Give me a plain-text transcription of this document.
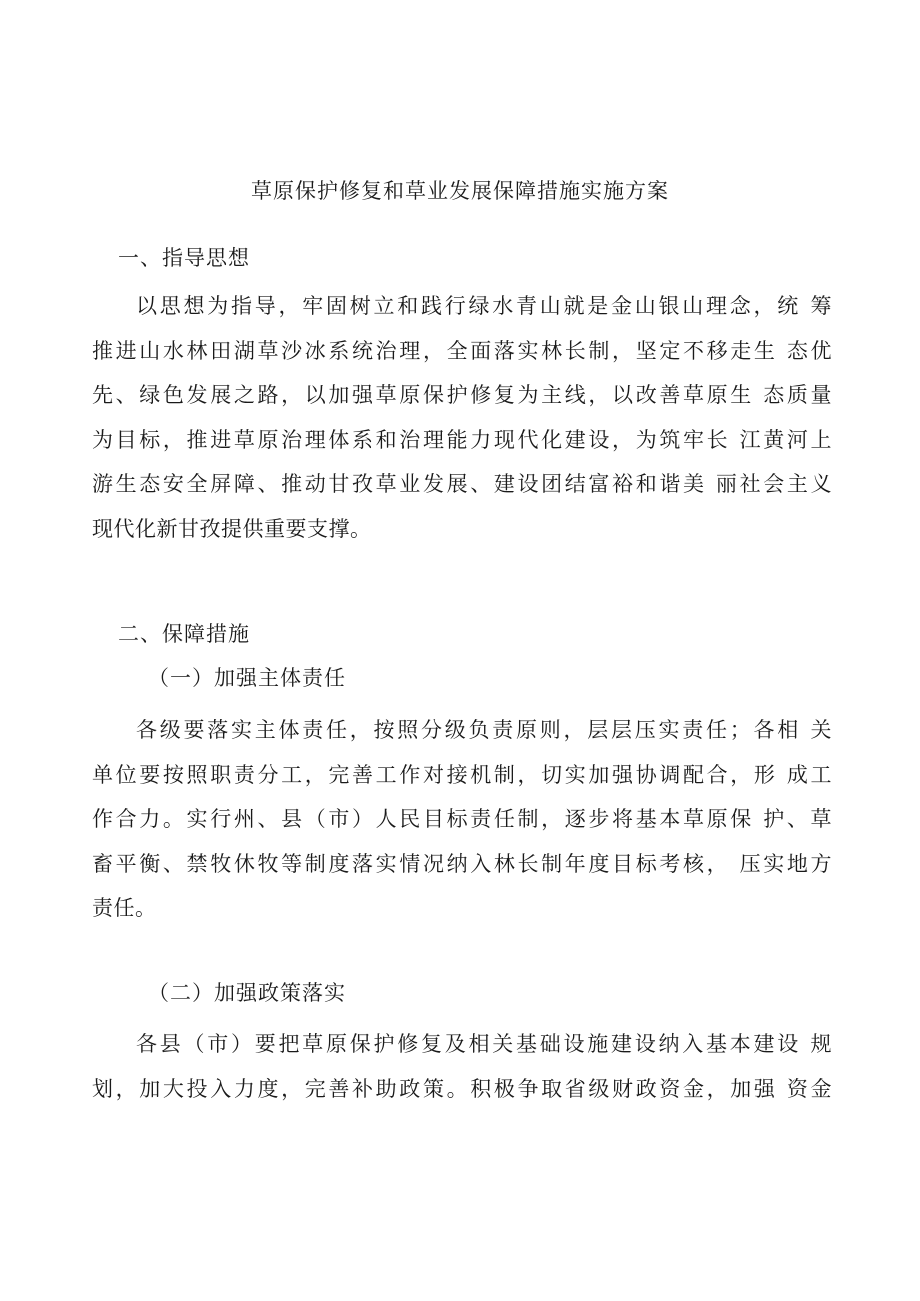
草原保护修复和草业发展保障措施实施方案
一、指导思想
以思想为指导，牢固树立和践行绿水青山就是金山银山理念，统 筹
推进山水林田湖草沙冰系统治理，全面落实林长制，坚定不移走生 态优
先、绿色发展之路，以加强草原保护修复为主线，以改善草原生 态质量
为目标，推进草原治理体系和治理能力现代化建设，为筑牢长 江黄河上
游生态安全屏障、推动甘孜草业发展、建设团结富裕和谐美 丽社会主义
现代化新甘孜提供重要支撑。
二、保障措施
（一）加强主体责任
各级要落实主体责任，按照分级负责原则，层层压实责任；各相 关
单位要按照职责分工，完善工作对接机制，切实加强协调配合，形 成工
作合力。实行州、县（市）人民目标责任制，逐步将基本草原保 护、草
畜平衡、禁牧休牧等制度落实情况纳入林长制年度目标考核， 压实地方
责任。
（二）加强政策落实
各县（市）要把草原保护修复及相关基础设施建设纳入基本建设 规
划，加大投入力度，完善补助政策。积极争取省级财政资金，加强 资金
